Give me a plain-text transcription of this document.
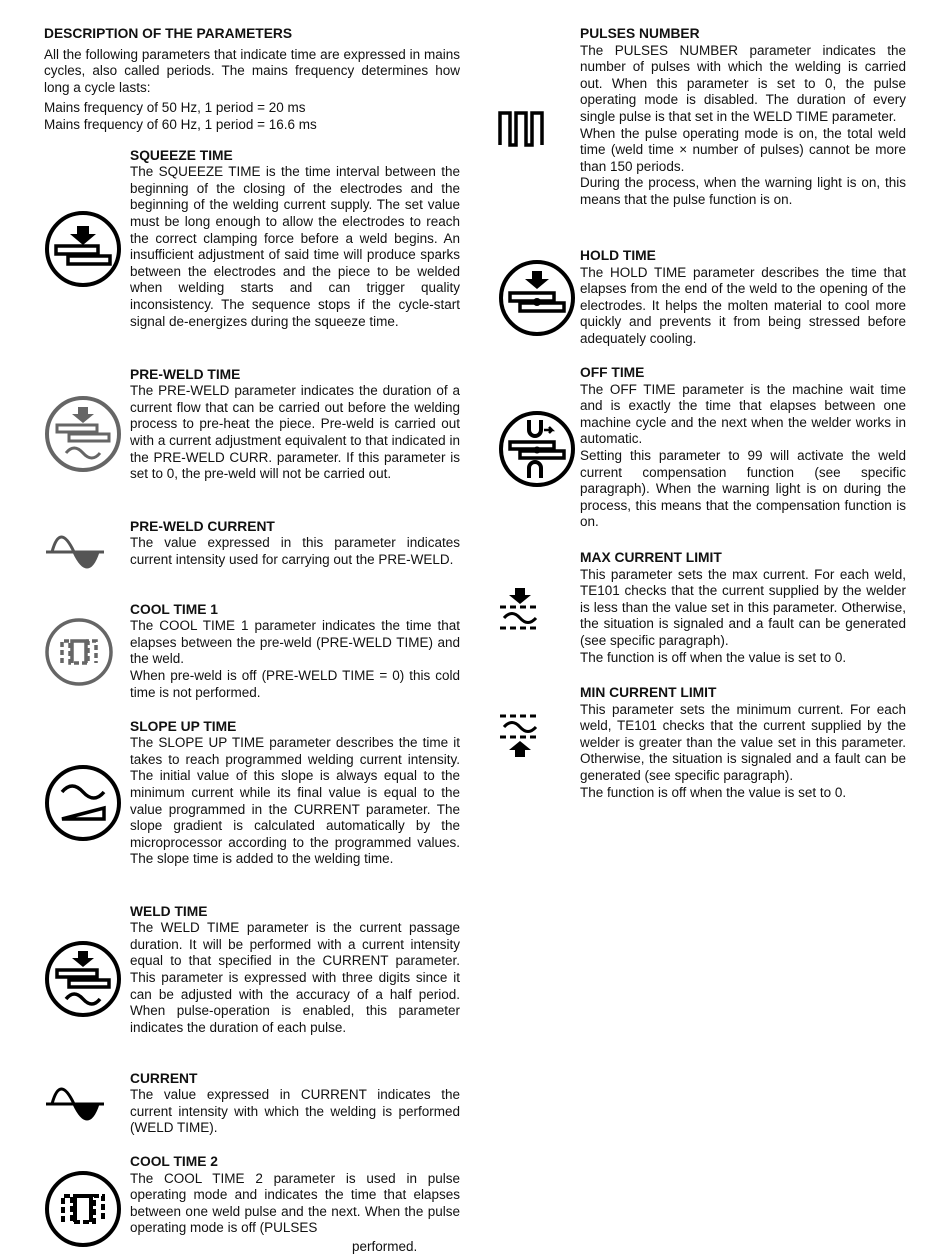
DESCRIPTION OF THE PARAMETERS

All the following parameters that indicate time are expressed in mains cycles, also called periods. The mains frequency determines how long a cycle lasts:

Mains frequency of 50 Hz, 1 period = 20 ms

Mains frequency of 60 Hz, 1 period = 16.6 ms

SQUEEZE TIME

The SQUEEZE TIME is the time interval between the beginning of the closing of the electrodes and the beginning of the welding current supply. The set value must be long enough to allow the electrodes to reach the correct clamping force before a weld begins. An insufficient adjustment of said time will produce sparks between the electrodes and the piece to be welded when welding starts and can trigger quality inconsistency. The sequence stops if the cycle-start signal de-energizes during the squeeze time.

PRE-WELD TIME

The PRE-WELD parameter indicates the duration of a current flow that can be carried out before the welding process to pre-heat the piece. Pre-weld is carried out with a current adjustment equivalent to that indicated in the PRE-WELD CURR. parameter. If this parameter is set to 0, the pre-weld will not be carried out.

PRE-WELD CURRENT

The value expressed in this parameter indicates current intensity used for carrying out the PRE-WELD.

COOL TIME 1

The COOL TIME 1 parameter indicates the time that elapses between the pre-weld (PRE-WELD TIME) and the weld.

When pre-weld is off (PRE-WELD TIME = 0) this cold time is not performed.

SLOPE UP TIME

The SLOPE UP TIME parameter describes the time it takes to reach programmed welding current intensity. The initial value of this slope is always equal to the minimum current while its final value is equal to the value programmed in the CURRENT parameter. The slope gradient is calculated automatically by the microprocessor according to the programmed values. The slope time is added to the welding time.

WELD TIME

The WELD TIME parameter is the current passage duration. It will be performed with a current intensity equal to that specified in the CURRENT parameter. This parameter is expressed with three digits since it can be adjusted with the accuracy of a half period. When pulse-operation is enabled, this parameter indicates the duration of each pulse.

CURRENT

The value expressed in CURRENT indicates the current intensity with which the welding is performed (WELD TIME).

COOL TIME 2

The COOL TIME 2 parameter is used in pulse operating mode and indicates the time that elapses between one weld pulse and the next. When the pulse operating mode is off (PULSES

PULSES NUMBER

The PULSES NUMBER parameter indicates the number of pulses with which the welding is carried out. When this parameter is set to 0, the pulse operating mode is disabled. The duration of every single pulse is that set in the WELD TIME parameter.

When the pulse operating mode is on, the total weld time (weld time × number of pulses) cannot be more than 150 periods.

During the process, when the warning light is on, this means that the pulse function is on.

HOLD TIME

The HOLD TIME parameter describes the time that elapses from the end of the weld to the opening of the electrodes. It helps the molten material to cool more quickly and prevents it from being stressed before adequately cooling.

OFF TIME

The OFF TIME parameter is the machine wait time and is exactly the time that elapses between one machine cycle and the next when the welder works in automatic.

Setting this parameter to 99 will activate the weld current compensation function (see specific paragraph). When the warning light is on during the process, this means that the compensation function is on.

MAX CURRENT LIMIT

This parameter sets the max current. For each weld, TE101 checks that the current supplied by the welder is less than the value set in this parameter. Otherwise, the situation is signaled and a fault can be generated (see specific paragraph).

The function is off when the value is set to 0.

MIN CURRENT LIMIT

This parameter sets the minimum current. For each weld, TE101 checks that the current supplied by the welder is greater than the value set in this parameter. Otherwise, the situation is signaled and a fault can be generated (see specific paragraph).

The function is off when the value is set to 0.

performed.
